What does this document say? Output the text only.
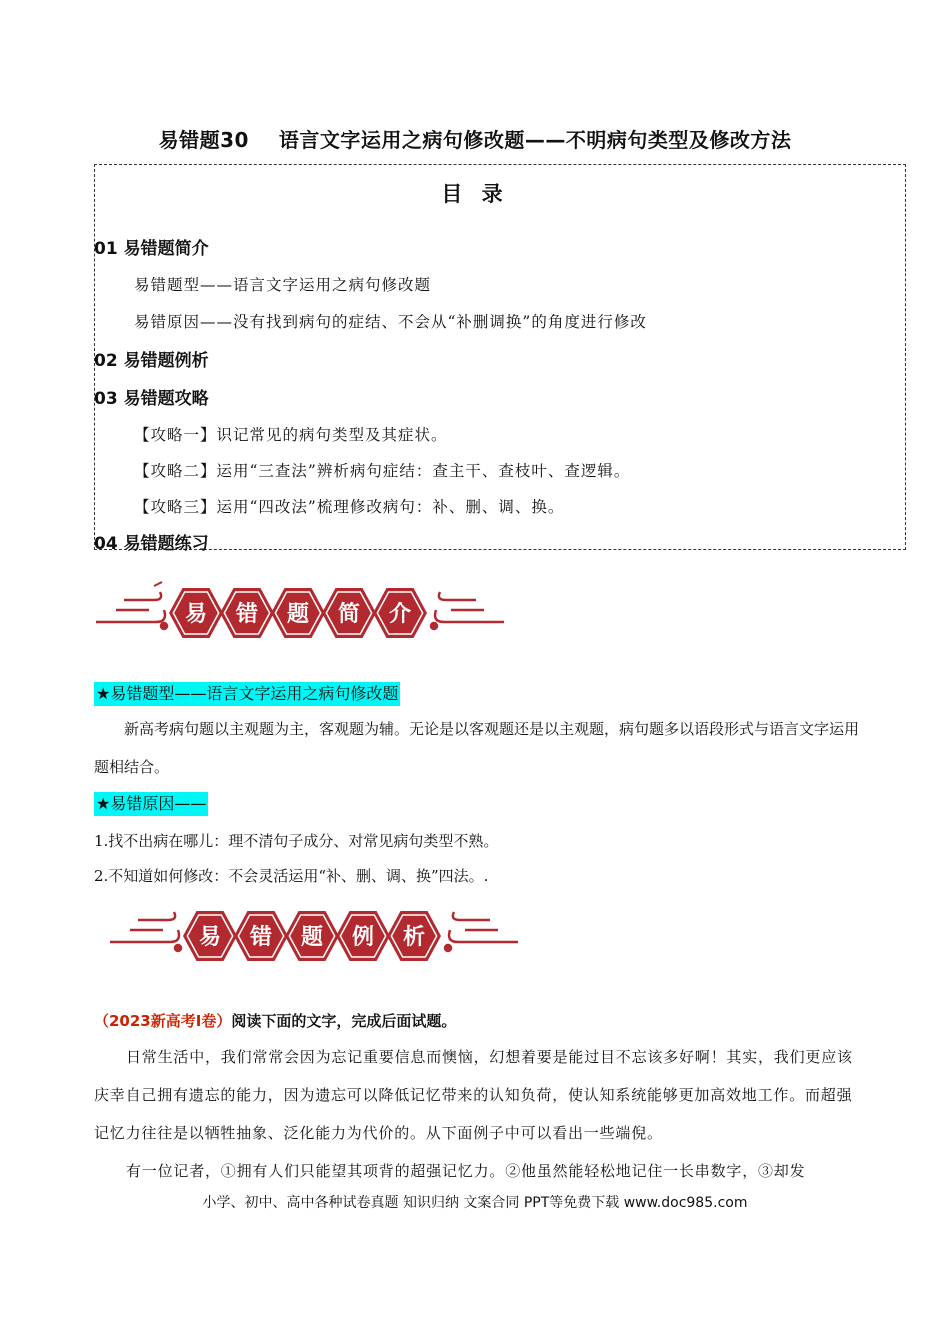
易错题30 语言文字运用之病句修改题——不明病句类型及修改方法
目 录
01 易错题简介
易错题型——语言文字运用之病句修改题
易错原因——没有找到病句的症结、不会从“补删调换”的角度进行修改
02 易错题例析
03 易错题攻略
【攻略一】识记常见的病句类型及其症状。
【攻略二】运用“三查法”辨析病句症结：查主干、查枝叶、查逻辑。
【攻略三】运用“四改法”梳理修改病句：补、删、调、换。
04 易错题练习
易 错 题 简 介
易 错 题 例 析
★易错题型——语言文字运用之病句修改题
新高考病句题以主观题为主，客观题为辅。无论是以客观题还是以主观题，病句题多以语段形式与语言文字运用题相结合。
★易错原因——
1.找不出病在哪儿：理不清句子成分、对常见病句类型不熟。
2.不知道如何修改：不会灵活运用“补、删、调、换”四法。.
（2023新高考Ⅰ卷）阅读下面的文字，完成后面试题。

日常生活中，我们常常会因为忘记重要信息而懊恼，幻想着要是能过目不忘该多好啊！其实，我们更应该庆幸自己拥有遗忘的能力，因为遗忘可以降低记忆带来的认知负荷，使认知系统能够更加高效地工作。而超强记忆力往往是以牺牲抽象、泛化能力为代价的。从下面例子中可以看出一些端倪。

有一位记者，①拥有人们只能望其项背的超强记忆力。②他虽然能轻松地记住一长串数字，③却发

小学、初中、高中各种试卷真题 知识归纳 文案合同 PPT等免费下载 www.doc985.com
